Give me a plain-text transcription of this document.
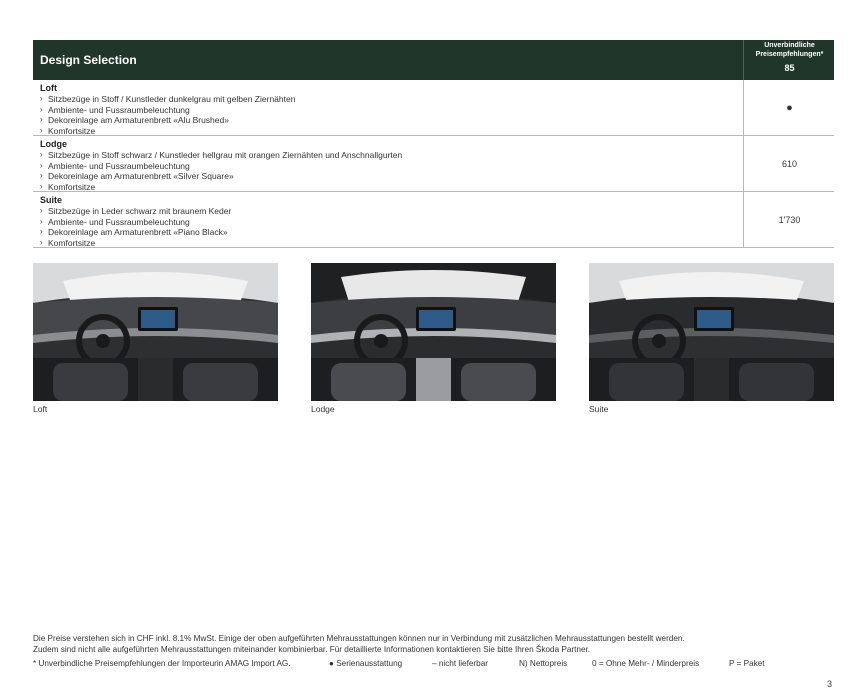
Design Selection
Unverbindliche Preisempfehlungen*
85
Loft
› Sitzbezüge in Stoff / Kunstleder dunkelgrau mit gelben Ziernähten
› Ambiente- und Fussraumbeleuchtung
› Dekoreinlage am Armaturenbrett «Alu Brushed»
› Komfortsitze
●
Lodge
› Sitzbezüge in Stoff schwarz / Kunstleder hellgrau mit orangen Ziernähten und Anschnallgurten
› Ambiente- und Fussraumbeleuchtung
› Dekoreinlage am Armaturenbrett «Silver Square»
› Komfortsitze
610
Suite
› Sitzbezüge in Leder schwarz mit braunem Keder
› Ambiente- und Fussraumbeleuchtung
› Dekoreinlage am Armaturenbrett «Piano Black»
› Komfortsitze
1'730
Loft	Lodge	Suite
Die Preise verstehen sich in CHF inkl. 8.1% MwSt. Einige der oben aufgeführten Mehrausstattungen können nur in Verbindung mit zusätzlichen Mehrausstattungen bestellt werden.
Zudem sind nicht alle aufgeführten Mehrausstattungen miteinander kombinierbar. Für detaillierte Informationen kontaktieren Sie bitte Ihren Škoda Partner.
* Unverbindliche Preisempfehlungen der Importeurin AMAG Import AG.	● Serienausstattung	– nicht lieferbar	N) Nettopreis	0 = Ohne Mehr- / Minderpreis	P = Paket
3
